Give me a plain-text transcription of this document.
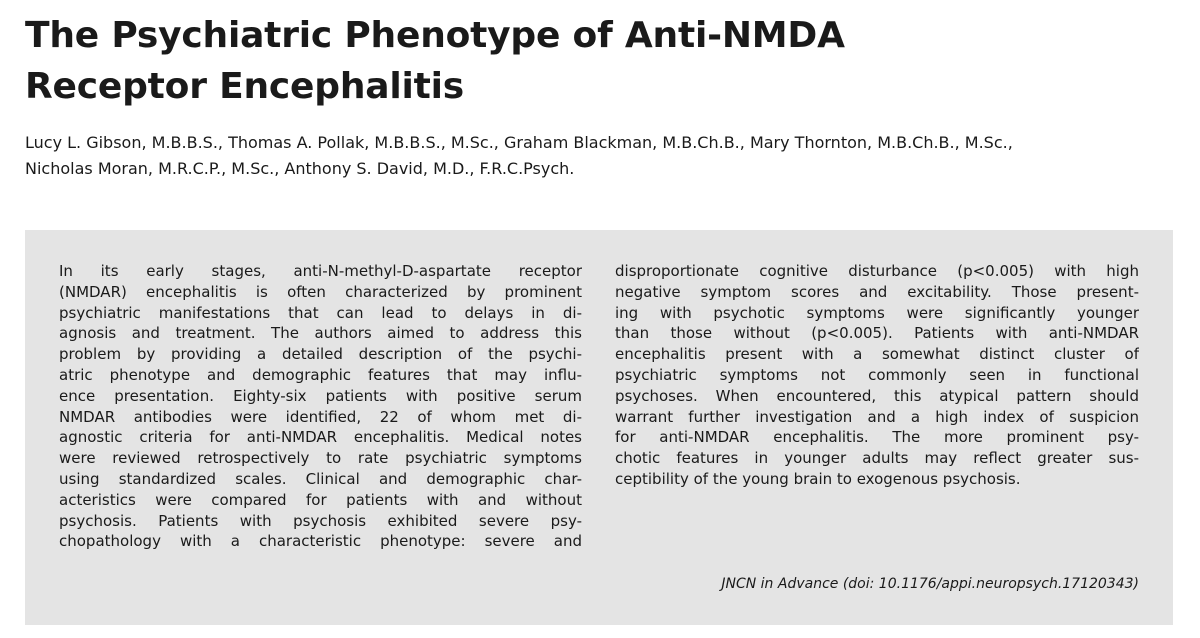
The Psychiatric Phenotype of Anti-NMDA
Receptor Encephalitis
Lucy L. Gibson, M.B.B.S., Thomas A. Pollak, M.B.B.S., M.Sc., Graham Blackman, M.B.Ch.B., Mary Thornton, M.B.Ch.B., M.Sc.,
Nicholas Moran, M.R.C.P., M.Sc., Anthony S. David, M.D., F.R.C.Psych.
In its early stages, anti-N-methyl-D-aspartate receptor
(NMDAR) encephalitis is often characterized by prominent
psychiatric manifestations that can lead to delays in di-
agnosis and treatment. The authors aimed to address this
problem by providing a detailed description of the psychi-
atric phenotype and demographic features that may influ-
ence presentation. Eighty-six patients with positive serum
NMDAR antibodies were identified, 22 of whom met di-
agnostic criteria for anti-NMDAR encephalitis. Medical notes
were reviewed retrospectively to rate psychiatric symptoms
using standardized scales. Clinical and demographic char-
acteristics were compared for patients with and without
psychosis. Patients with psychosis exhibited severe psy-
chopathology with a characteristic phenotype: severe and
disproportionate cognitive disturbance (p<0.005) with high
negative symptom scores and excitability. Those present-
ing with psychotic symptoms were significantly younger
than those without (p<0.005). Patients with anti-NMDAR
encephalitis present with a somewhat distinct cluster of
psychiatric symptoms not commonly seen in functional
psychoses. When encountered, this atypical pattern should
warrant further investigation and a high index of suspicion
for anti-NMDAR encephalitis. The more prominent psy-
chotic features in younger adults may reflect greater sus-
ceptibility of the young brain to exogenous psychosis.
JNCN in Advance (doi: 10.1176/appi.neuropsych.17120343)
